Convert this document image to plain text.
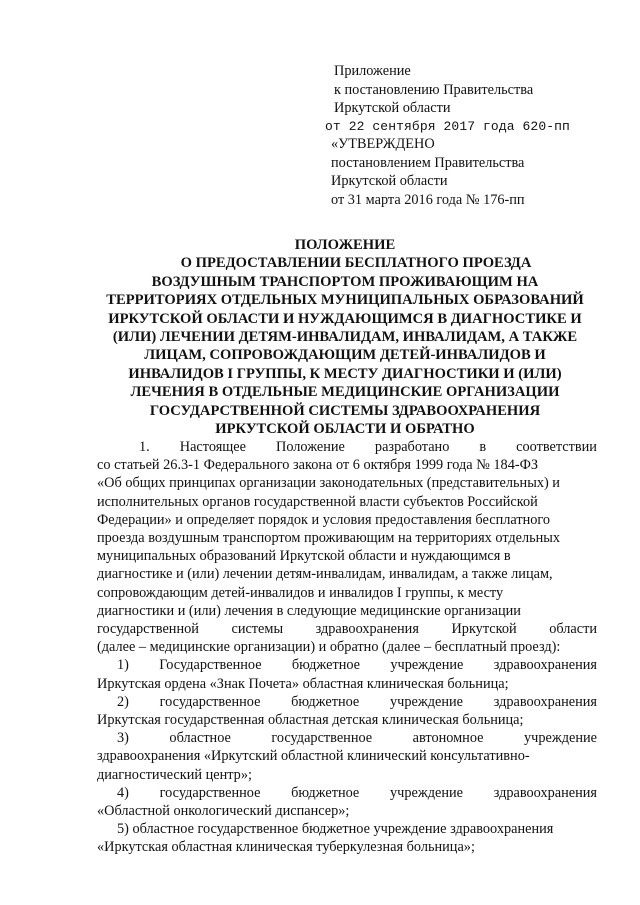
Приложение
к постановлению Правительства
Иркутской области
от 22 сентября 2017 года 620-пп
«УТВЕРЖДЕНО
постановлением Правительства
Иркутской области
от 31 марта 2016 года № 176-пп
ПОЛОЖЕНИЕ
О ПРЕДОСТАВЛЕНИИ БЕСПЛАТНОГО ПРОЕЗДА
ВОЗДУШНЫМ ТРАНСПОРТОМ ПРОЖИВАЮЩИМ НА
ТЕРРИТОРИЯХ ОТДЕЛЬНЫХ МУНИЦИПАЛЬНЫХ ОБРАЗОВАНИЙ
ИРКУТСКОЙ ОБЛАСТИ И НУЖДАЮЩИМСЯ В ДИАГНОСТИКЕ И
(ИЛИ) ЛЕЧЕНИИ ДЕТЯМ-ИНВАЛИДАМ, ИНВАЛИДАМ, А ТАКЖЕ
ЛИЦАМ, СОПРОВОЖДАЮЩИМ ДЕТЕЙ-ИНВАЛИДОВ И
ИНВАЛИДОВ I ГРУППЫ, К МЕСТУ ДИАГНОСТИКИ И (ИЛИ)
ЛЕЧЕНИЯ В ОТДЕЛЬНЫЕ МЕДИЦИНСКИЕ ОРГАНИЗАЦИИ
ГОСУДАРСТВЕННОЙ СИСТЕМЫ ЗДРАВООХРАНЕНИЯ
ИРКУТСКОЙ ОБЛАСТИ И ОБРАТНО
1. Настоящее Положение разработано в соответствии
со статьей 26.3-1 Федерального закона от 6 октября 1999 года № 184-ФЗ
«Об общих принципах организации законодательных (представительных) и
исполнительных органов государственной власти субъектов Российской
Федерации» и определяет порядок и условия предоставления бесплатного
проезда воздушным транспортом проживающим на территориях отдельных
муниципальных образований Иркутской области и нуждающимся в
диагностике и (или) лечении детям-инвалидам, инвалидам, а также лицам,
сопровождающим детей-инвалидов и инвалидов I группы, к месту
диагностики и (или) лечения в следующие медицинские организации
государственной системы здравоохранения Иркутской области
(далее – медицинские организации) и обратно (далее – бесплатный проезд):
1) Государственное бюджетное учреждение здравоохранения
Иркутская ордена «Знак Почета» областная клиническая больница;
2) государственное бюджетное учреждение здравоохранения
Иркутская государственная областная детская клиническая больница;
3)	областное	государственное	автономное	учреждение
здравоохранения «Иркутский областной клинический консультативно-
диагностический центр»;
4) государственное бюджетное учреждение здравоохранения
«Областной онкологический диспансер»;
5) областное государственное бюджетное учреждение здравоохранения
«Иркутская областная клиническая туберкулезная больница»;
